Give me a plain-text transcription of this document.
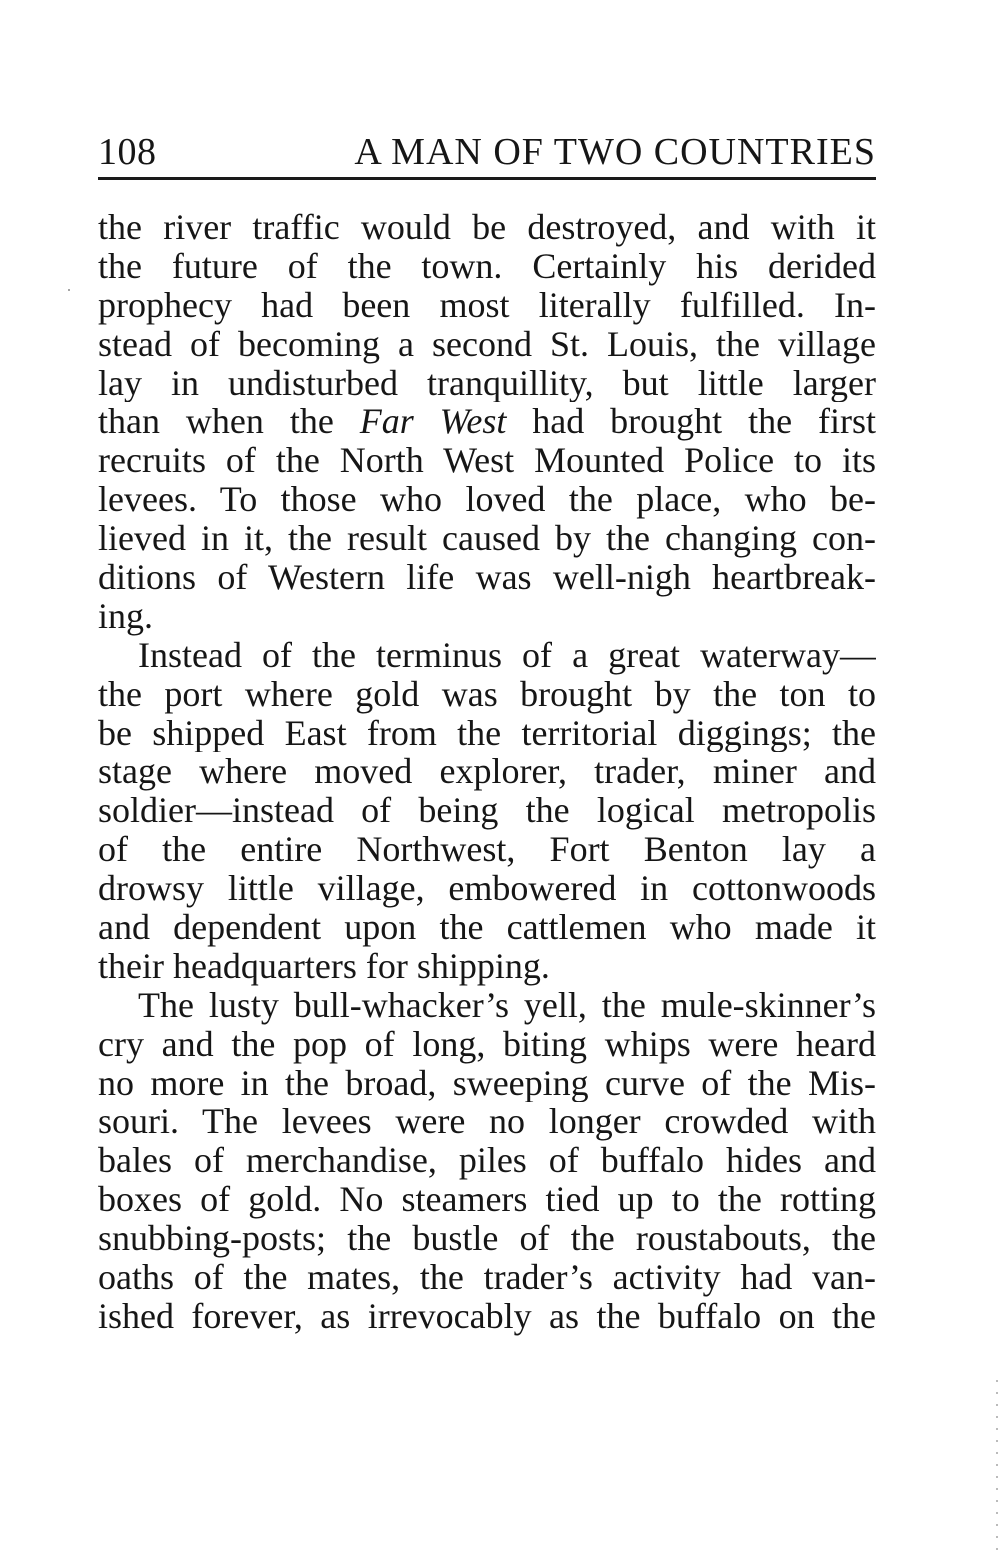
108	A MAN OF TWO COUNTRIES
the river traffic would be destroyed, and with it
the future of the town. Certainly his derided
prophecy had been most literally fulfilled. In-
stead of becoming a second St. Louis, the village
lay in undisturbed tranquillity, but little larger
than when the Far West had brought the first
recruits of the North West Mounted Police to its
levees. To those who loved the place, who be-
lieved in it, the result caused by the changing con-
ditions of Western life was well-nigh heartbreak-
ing.
Instead of the terminus of a great waterway—
the port where gold was brought by the ton to
be shipped East from the territorial diggings; the
stage where moved explorer, trader, miner and
soldier—instead of being the logical metropolis
of the entire Northwest, Fort Benton lay a
drowsy little village, embowered in cottonwoods
and dependent upon the cattlemen who made it
their headquarters for shipping.
The lusty bull-whacker’s yell, the mule-skinner’s
cry and the pop of long, biting whips were heard
no more in the broad, sweeping curve of the Mis-
souri. The levees were no longer crowded with
bales of merchandise, piles of buffalo hides and
boxes of gold. No steamers tied up to the rotting
snubbing-posts; the bustle of the roustabouts, the
oaths of the mates, the trader’s activity had van-
ished forever, as irrevocably as the buffalo on the
